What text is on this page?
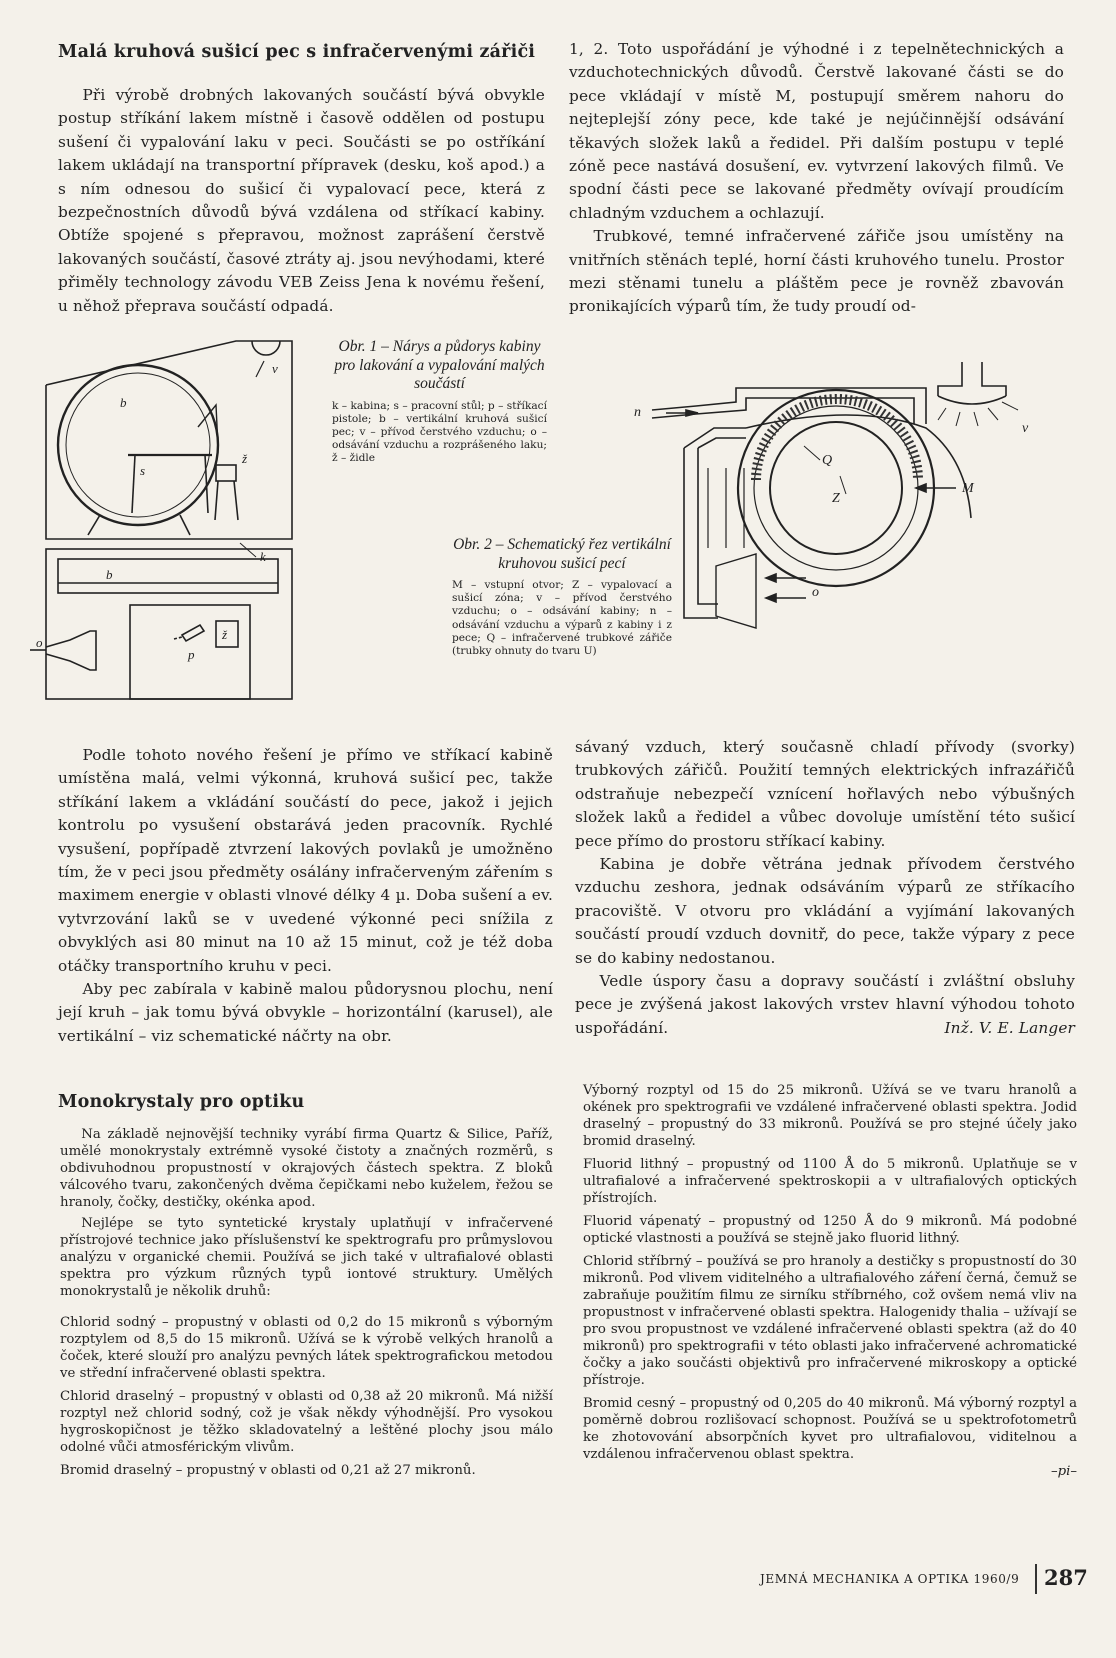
Malá kruhová sušicí pec s infračervenými zářiči

Při výrobě drobných lakovaných součástí bývá obvykle postup stříkání lakem místně i časově oddělen od postupu sušení či vypalování laku v peci. Součásti se po ostříkání lakem ukládají na transportní přípravek (desku, koš apod.) a s ním odnesou do sušicí či vypalovací pece, která z bezpečnostních důvodů bývá vzdálena od stříkací kabiny. Obtíže spojené s přepravou, možnost zaprášení čerstvě lakovaných součástí, časové ztráty aj. jsou nevýhodami, které přiměly technology závodu VEB Zeiss Jena k novému řešení, u něhož přeprava součástí odpadá.

1, 2. Toto uspořádání je výhodné i z tepelnětechnických a vzduchotechnických důvodů. Čerstvě lakované části se do pece vkládají v místě M, postupují směrem nahoru do nejteplejší zóny pece, kde také je nejúčinnější odsávání těkavých složek laků a ředidel. Při dalším postupu v teplé zóně pece nastává dosušení, ev. vytvrzení lakových filmů. Ve spodní části pece se lakované předměty ovívají proudícím chladným vzduchem a ochlazují.

Trubkové, temné infračervené zářiče jsou umístěny na vnitřních stěnách teplé, horní části kruhového tunelu. Prostor mezi stěnami tunelu a pláštěm pece je rovněž zbavován pronikajících výparů tím, že tudy proudí od-

v
b
s
ž
k
b
p
ž
o
Obr. 1 – Nárys a půdorys kabiny pro lakování a vypalování malých součástí
k – kabina; s – pracovní stůl; p – stříkací pistole; b – vertikální kruhová sušicí pec; v – přívod čerstvého vzduchu; o – odsávání vzduchu a rozprášeného laku; ž – židle
n
Q
Z
M
o
v
Obr. 2 – Schematický řez vertikální kruhovou sušicí pecí
M – vstupní otvor; Z – vypalovací a sušicí zóna; v – přívod čerstvého vzduchu; o – odsávání kabiny; n – odsávání vzduchu a výparů z kabiny i z pece; Q – infračervené trubkové zářiče (trubky ohnuty do tvaru U)

Podle tohoto nového řešení je přímo ve stříkací kabině umístěna malá, velmi výkonná, kruhová sušicí pec, takže stříkání lakem a vkládání součástí do pece, jakož i jejich kontrolu po vysušení obstarává jeden pracovník. Rychlé vysušení, popřípadě ztvrzení lakových povlaků je umožněno tím, že v peci jsou předměty osálány infračerveným zářením s maximem energie v oblasti vlnové délky 4 µ. Doba sušení a ev. vytvrzování laků se v uvedené výkonné peci snížila z obvyklých asi 80 minut na 10 až 15 minut, což je též doba otáčky transportního kruhu v peci.

Aby pec zabírala v kabině malou půdorysnou plochu, není její kruh – jak tomu bývá obvykle – horizontální (karusel), ale vertikální – viz schematické náčrty na obr.

sávaný vzduch, který současně chladí přívody (svorky) trubkových zářičů. Použití temných elektrických infrazářičů odstraňuje nebezpečí vznícení hořlavých nebo výbušných složek laků a ředidel a vůbec dovoluje umístění této sušicí pece přímo do prostoru stříkací kabiny.

Kabina je dobře větrána jednak přívodem čerstvého vzduchu zeshora, jednak odsáváním výparů ze stříkacího pracoviště. V otvoru pro vkládání a vyjímání lakovaných součástí proudí vzduch dovnitř, do pece, takže výpary z pece se do kabiny nedostanou.

Vedle úspory času a dopravy součástí i zvláštní obsluhy pece je zvýšená jakost lakových vrstev hlavní výhodou tohoto uspořádání.	Inž. V. E. Langer

Monokrystaly pro optiku

Na základě nejnovější techniky vyrábí firma Quartz & Silice, Paříž, umělé monokrystaly extrémně vysoké čistoty a značných rozměrů, s obdivuhodnou propustností v okrajových částech spektra. Z bloků válcového tvaru, zakončených dvěma čepičkami nebo kuželem, řežou se hranoly, čočky, destičky, okénka apod.

Nejlépe se tyto syntetické krystaly uplatňují v infračervené přístrojové technice jako příslušenství ke spektrografu pro průmyslovou analýzu v organické chemii. Používá se jich také v ultrafialové oblasti spektra pro výzkum různých typů iontové struktury. Umělých monokrystalů je několik druhů:

Chlorid sodný – propustný v oblasti od 0,2 do 15 mikronů s výborným rozptylem od 8,5 do 15 mikronů. Užívá se k výrobě velkých hranolů a čoček, které slouží pro analýzu pevných látek spektrografickou metodou ve střední infračervené oblasti spektra.

Chlorid draselný – propustný v oblasti od 0,38 až 20 mikronů. Má nižší rozptyl než chlorid sodný, což je však někdy výhodnější. Pro vysokou hygroskopičnost je těžko skladovatelný a leštěné plochy jsou málo odolné vůči atmosférickým vlivům.

Bromid draselný – propustný v oblasti od 0,21 až 27 mikronů.

Výborný rozptyl od 15 do 25 mikronů. Užívá se ve tvaru hranolů a okének pro spektrografii ve vzdálené infračervené oblasti spektra. Jodid draselný – propustný do 33 mikronů. Používá se pro stejné účely jako bromid draselný.

Fluorid lithný – propustný od 1100 Å do 5 mikronů. Uplatňuje se v ultrafialové a infračervené spektroskopii a v ultrafialových optických přístrojích.

Fluorid vápenatý – propustný od 1250 Å do 9 mikronů. Má podobné optické vlastnosti a používá se stejně jako fluorid lithný.

Chlorid stříbrný – používá se pro hranoly a destičky s propustností do 30 mikronů. Pod vlivem viditelného a ultrafialového záření černá, čemuž se zabraňuje použitím filmu ze sirníku stříbrného, což ovšem nemá vliv na propustnost v infračervené oblasti spektra. Halogenidy thalia – užívají se pro svou propustnost ve vzdálené infračervené oblasti spektra (až do 40 mikronů) pro spektrografii v této oblasti jako infračervené achromatické čočky a jako součásti objektivů pro infračervené mikroskopy a optické přístroje.

Bromid cesný – propustný od 0,205 do 40 mikronů. Má výborný rozptyl a poměrně dobrou rozlišovací schopnost. Používá se u spektrofotometrů ke zhotovování absorpčních kyvet pro ultrafialovou, viditelnou a vzdálenou infračervenou oblast spektra.

–pi–
JEMNÁ MECHANIKA A OPTIKA 1960/9 287
